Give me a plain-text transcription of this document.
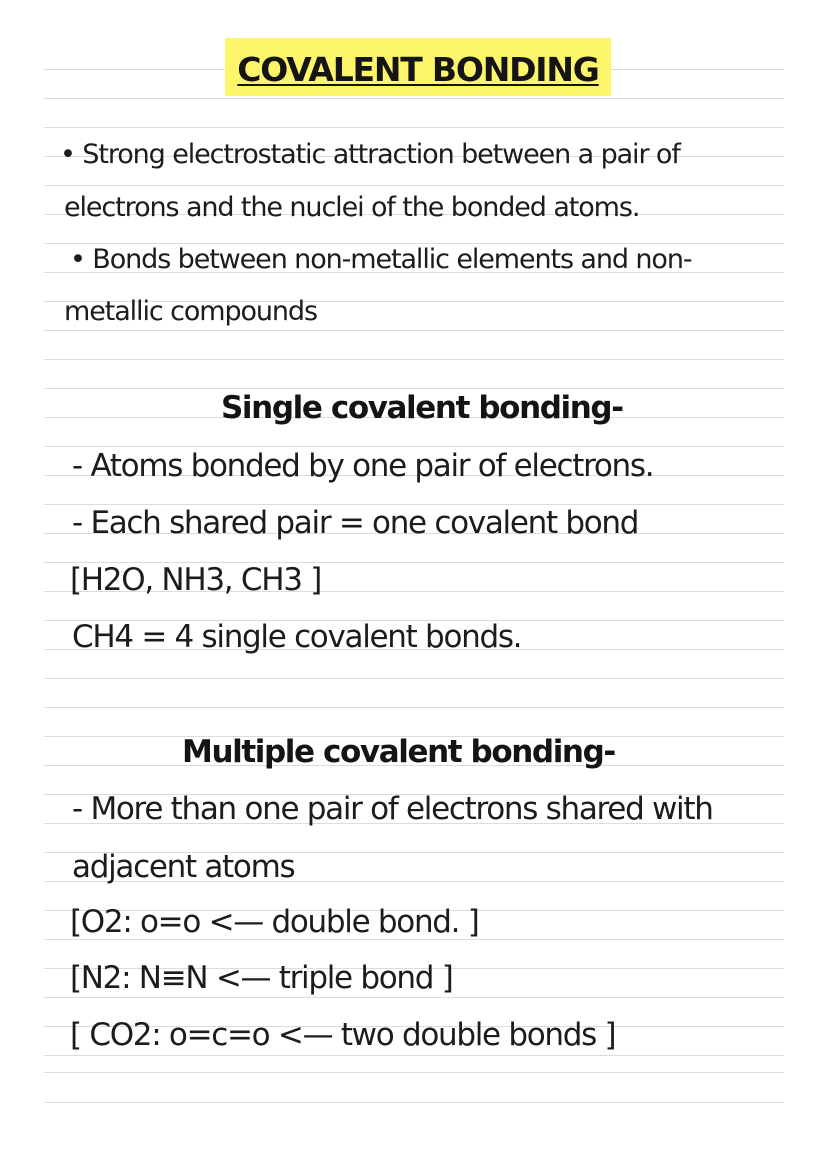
COVALENT BONDING
• Strong electrostatic attraction between a pair of
electrons and the nuclei of the bonded atoms.
• Bonds between non-metallic elements and non-
metallic compounds
Single covalent bonding-
- Atoms bonded by one pair of electrons.
- Each shared pair = one covalent bond
[H2O, NH3, CH3 ]
CH4 = 4 single covalent bonds.
Multiple covalent bonding-
- More than one pair of electrons shared with
adjacent atoms
[O2: o=o <— double bond. ]
[N2: N≡N <— triple bond ]
[ CO2: o=c=o <— two double bonds ]
